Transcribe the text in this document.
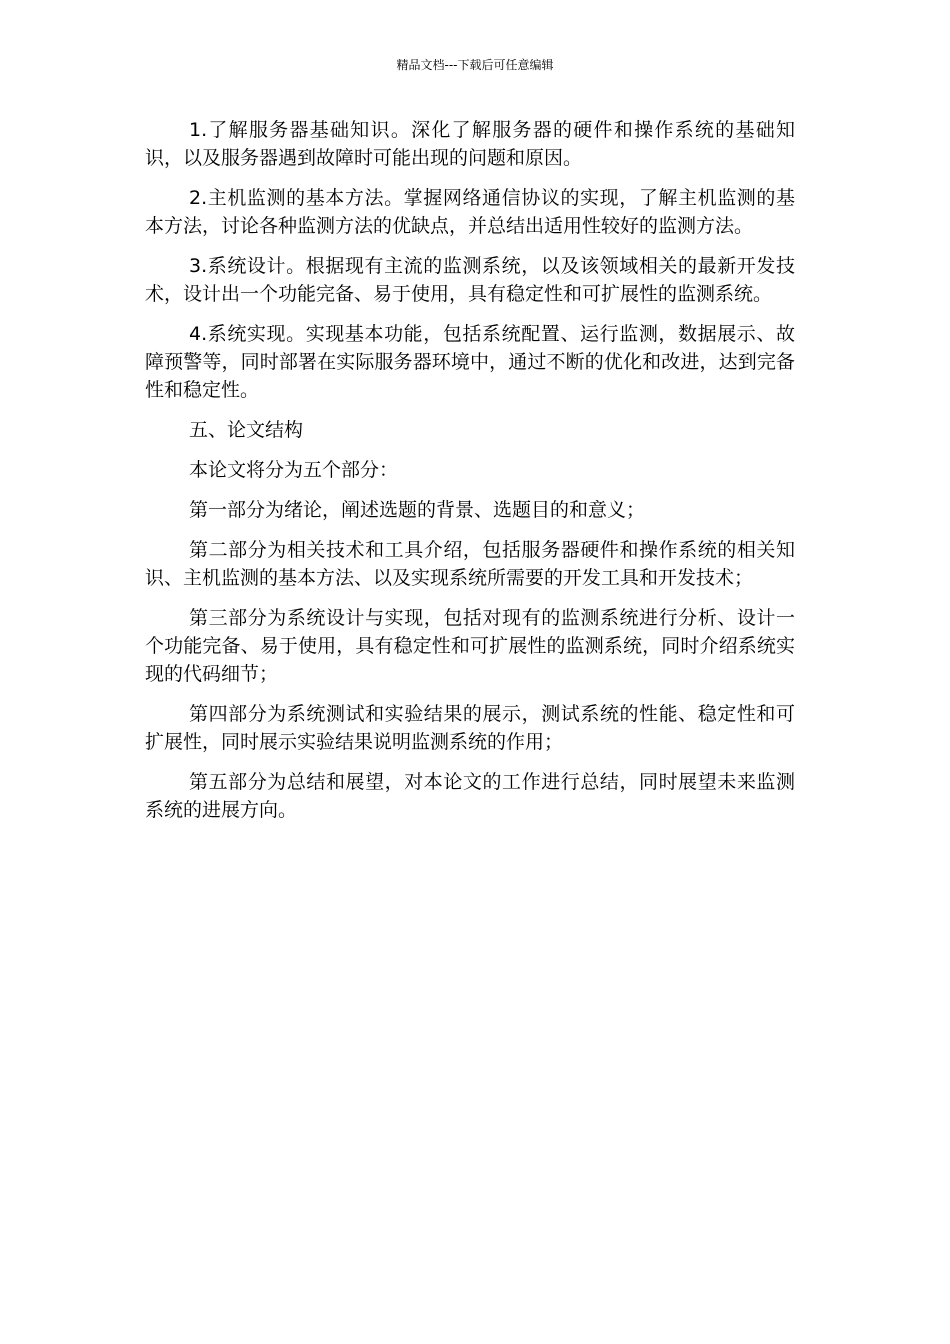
精品文档---下载后可任意编辑

1.了解服务器基础知识。深化了解服务器的硬件和操作系统的基础知识，以及服务器遇到故障时可能出现的问题和原因。

2.主机监测的基本方法。掌握网络通信协议的实现，了解主机监测的基本方法，讨论各种监测方法的优缺点，并总结出适用性较好的监测方法。

3.系统设计。根据现有主流的监测系统，以及该领域相关的最新开发技术，设计出一个功能完备、易于使用，具有稳定性和可扩展性的监测系统。

4.系统实现。实现基本功能，包括系统配置、运行监测，数据展示、故障预警等，同时部署在实际服务器环境中，通过不断的优化和改进，达到完备性和稳定性。

五、论文结构

本论文将分为五个部分：

第一部分为绪论，阐述选题的背景、选题目的和意义；

第二部分为相关技术和工具介绍，包括服务器硬件和操作系统的相关知识、主机监测的基本方法、以及实现系统所需要的开发工具和开发技术；

第三部分为系统设计与实现，包括对现有的监测系统进行分析、设计一个功能完备、易于使用，具有稳定性和可扩展性的监测系统，同时介绍系统实现的代码细节；

第四部分为系统测试和实验结果的展示，测试系统的性能、稳定性和可扩展性，同时展示实验结果说明监测系统的作用；

第五部分为总结和展望，对本论文的工作进行总结，同时展望未来监测系统的进展方向。
